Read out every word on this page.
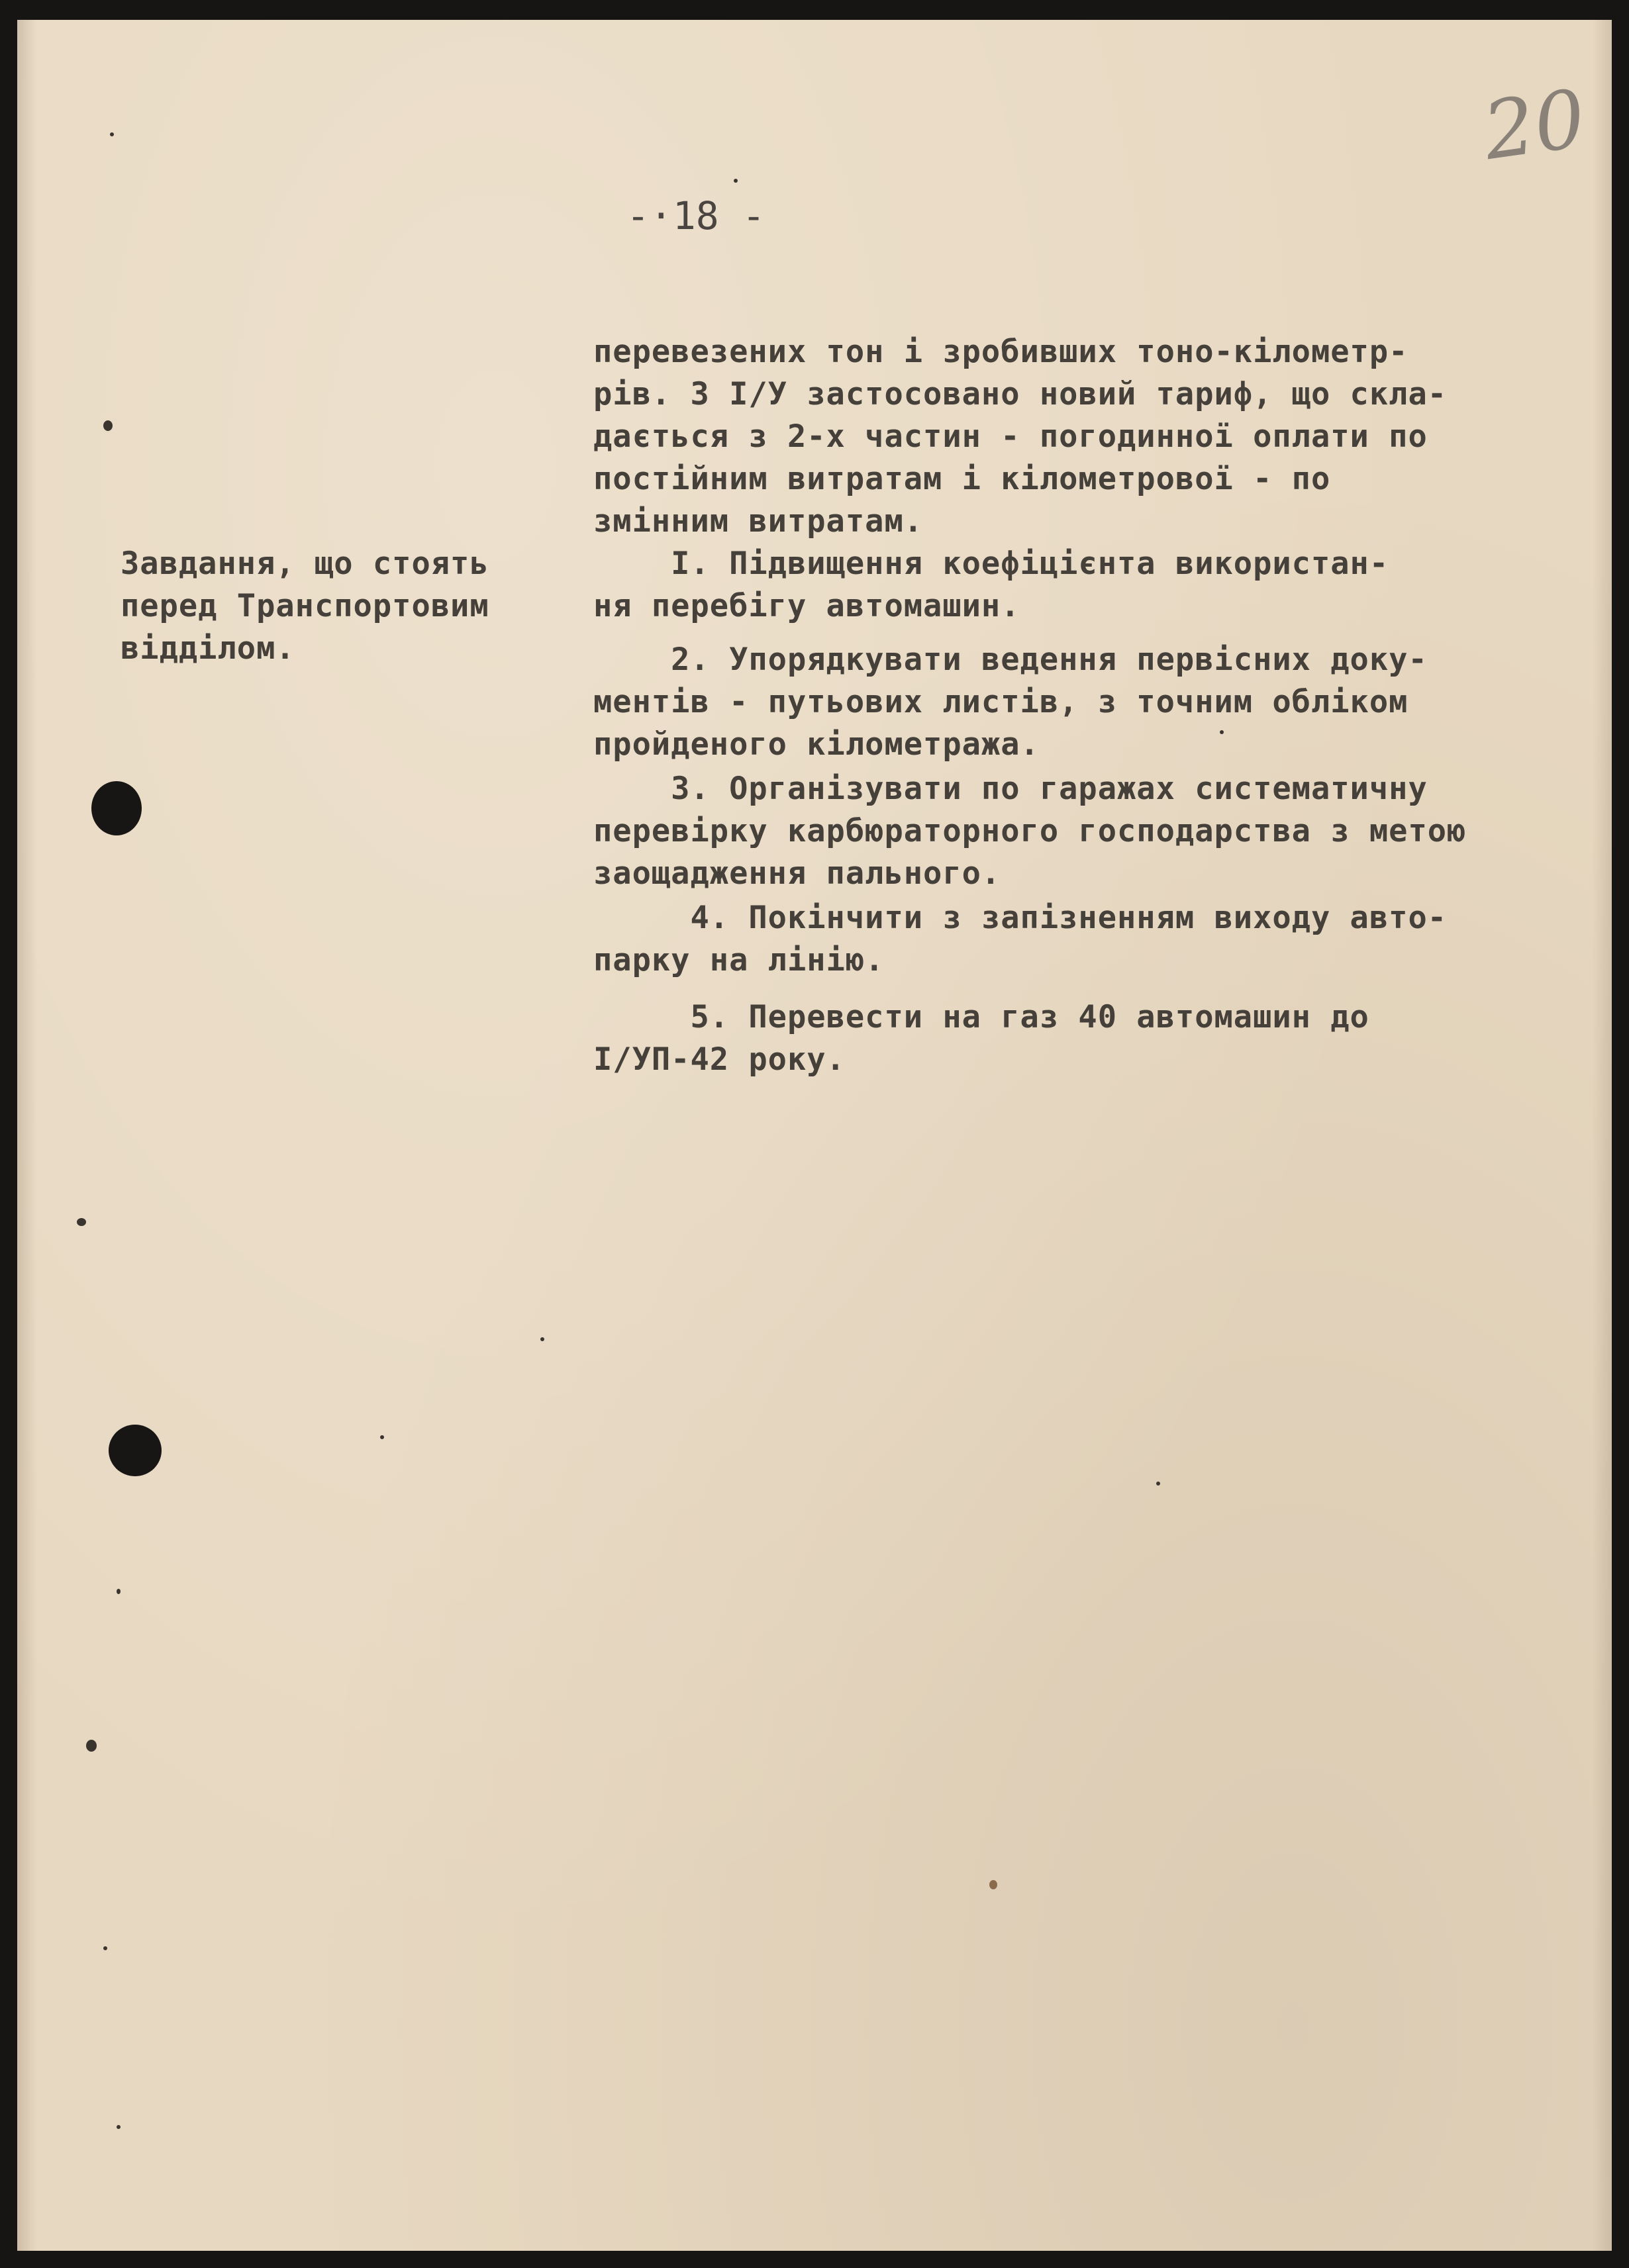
20
-·18 -
Завдання, що стоять
перед Транспортовим
відділом.
перевезених тон і зробивших тоно-кілометр-
рів. З І/У застосовано новий тариф, що скла-
дається з 2-х частин - погодинної оплати по
постійним витратам і кілометрової - по
змінним витратам.
І. Підвищення коефіцієнта використан-
ня перебігу автомашин.
2. Упорядкувати ведення первісних доку-
ментів - путьових листів, з точним обліком
пройденого кілометража.
3. Організувати по гаражах систематичну
перевірку карбюраторного господарства з метою
заощадження пального.
4. Покінчити з запізненням виходу авто-
парку на лінію.
5. Перевести на газ 40 автомашин до
І/УП-42 року.
